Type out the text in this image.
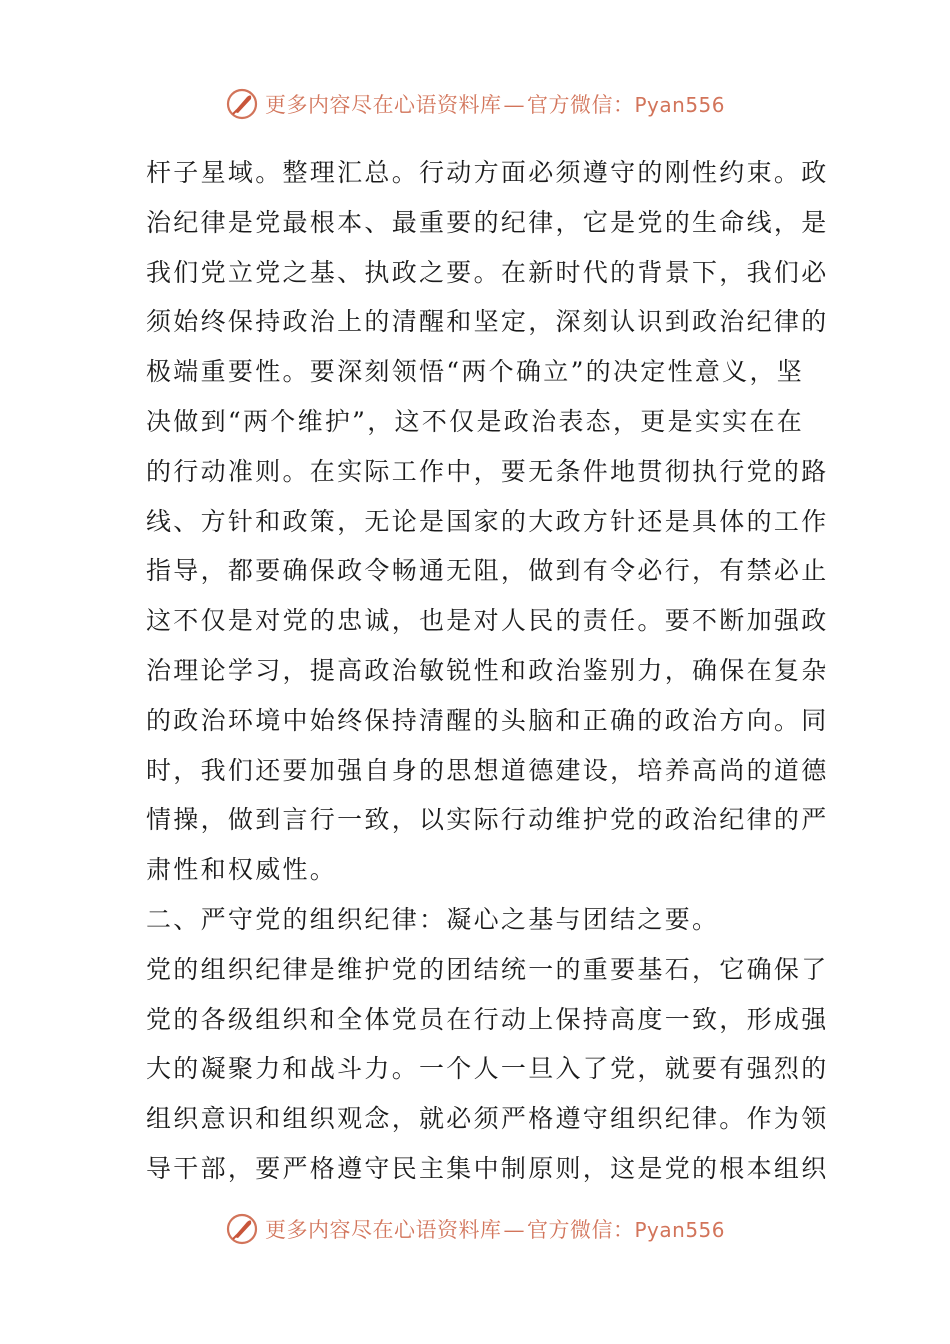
更多内容尽在心语资料库—官方微信：Pyan556
杆子星域。整理汇总。行动方面必须遵守的刚性约束。政
治纪律是党最根本、最重要的纪律，它是党的生命线，是
我们党立党之基、执政之要。在新时代的背景下，我们必
须始终保持政治上的清醒和坚定，深刻认识到政治纪律的
极端重要性。要深刻领悟“两个确立”的决定性意义，坚
决做到“两个维护”，这不仅是政治表态，更是实实在在
的行动准则。在实际工作中，要无条件地贯彻执行党的路
线、方针和政策，无论是国家的大政方针还是具体的工作
指导，都要确保政令畅通无阻，做到有令必行，有禁必止
这不仅是对党的忠诚，也是对人民的责任。要不断加强政
治理论学习，提高政治敏锐性和政治鉴别力，确保在复杂
的政治环境中始终保持清醒的头脑和正确的政治方向。同
时，我们还要加强自身的思想道德建设，培养高尚的道德
情操，做到言行一致，以实际行动维护党的政治纪律的严
肃性和权威性。
二、严守党的组织纪律：凝心之基与团结之要。
党的组织纪律是维护党的团结统一的重要基石，它确保了
党的各级组织和全体党员在行动上保持高度一致，形成强
大的凝聚力和战斗力。一个人一旦入了党，就要有强烈的
组织意识和组织观念，就必须严格遵守组织纪律。作为领
导干部，要严格遵守民主集中制原则，这是党的根本组织
更多内容尽在心语资料库—官方微信：Pyan556
